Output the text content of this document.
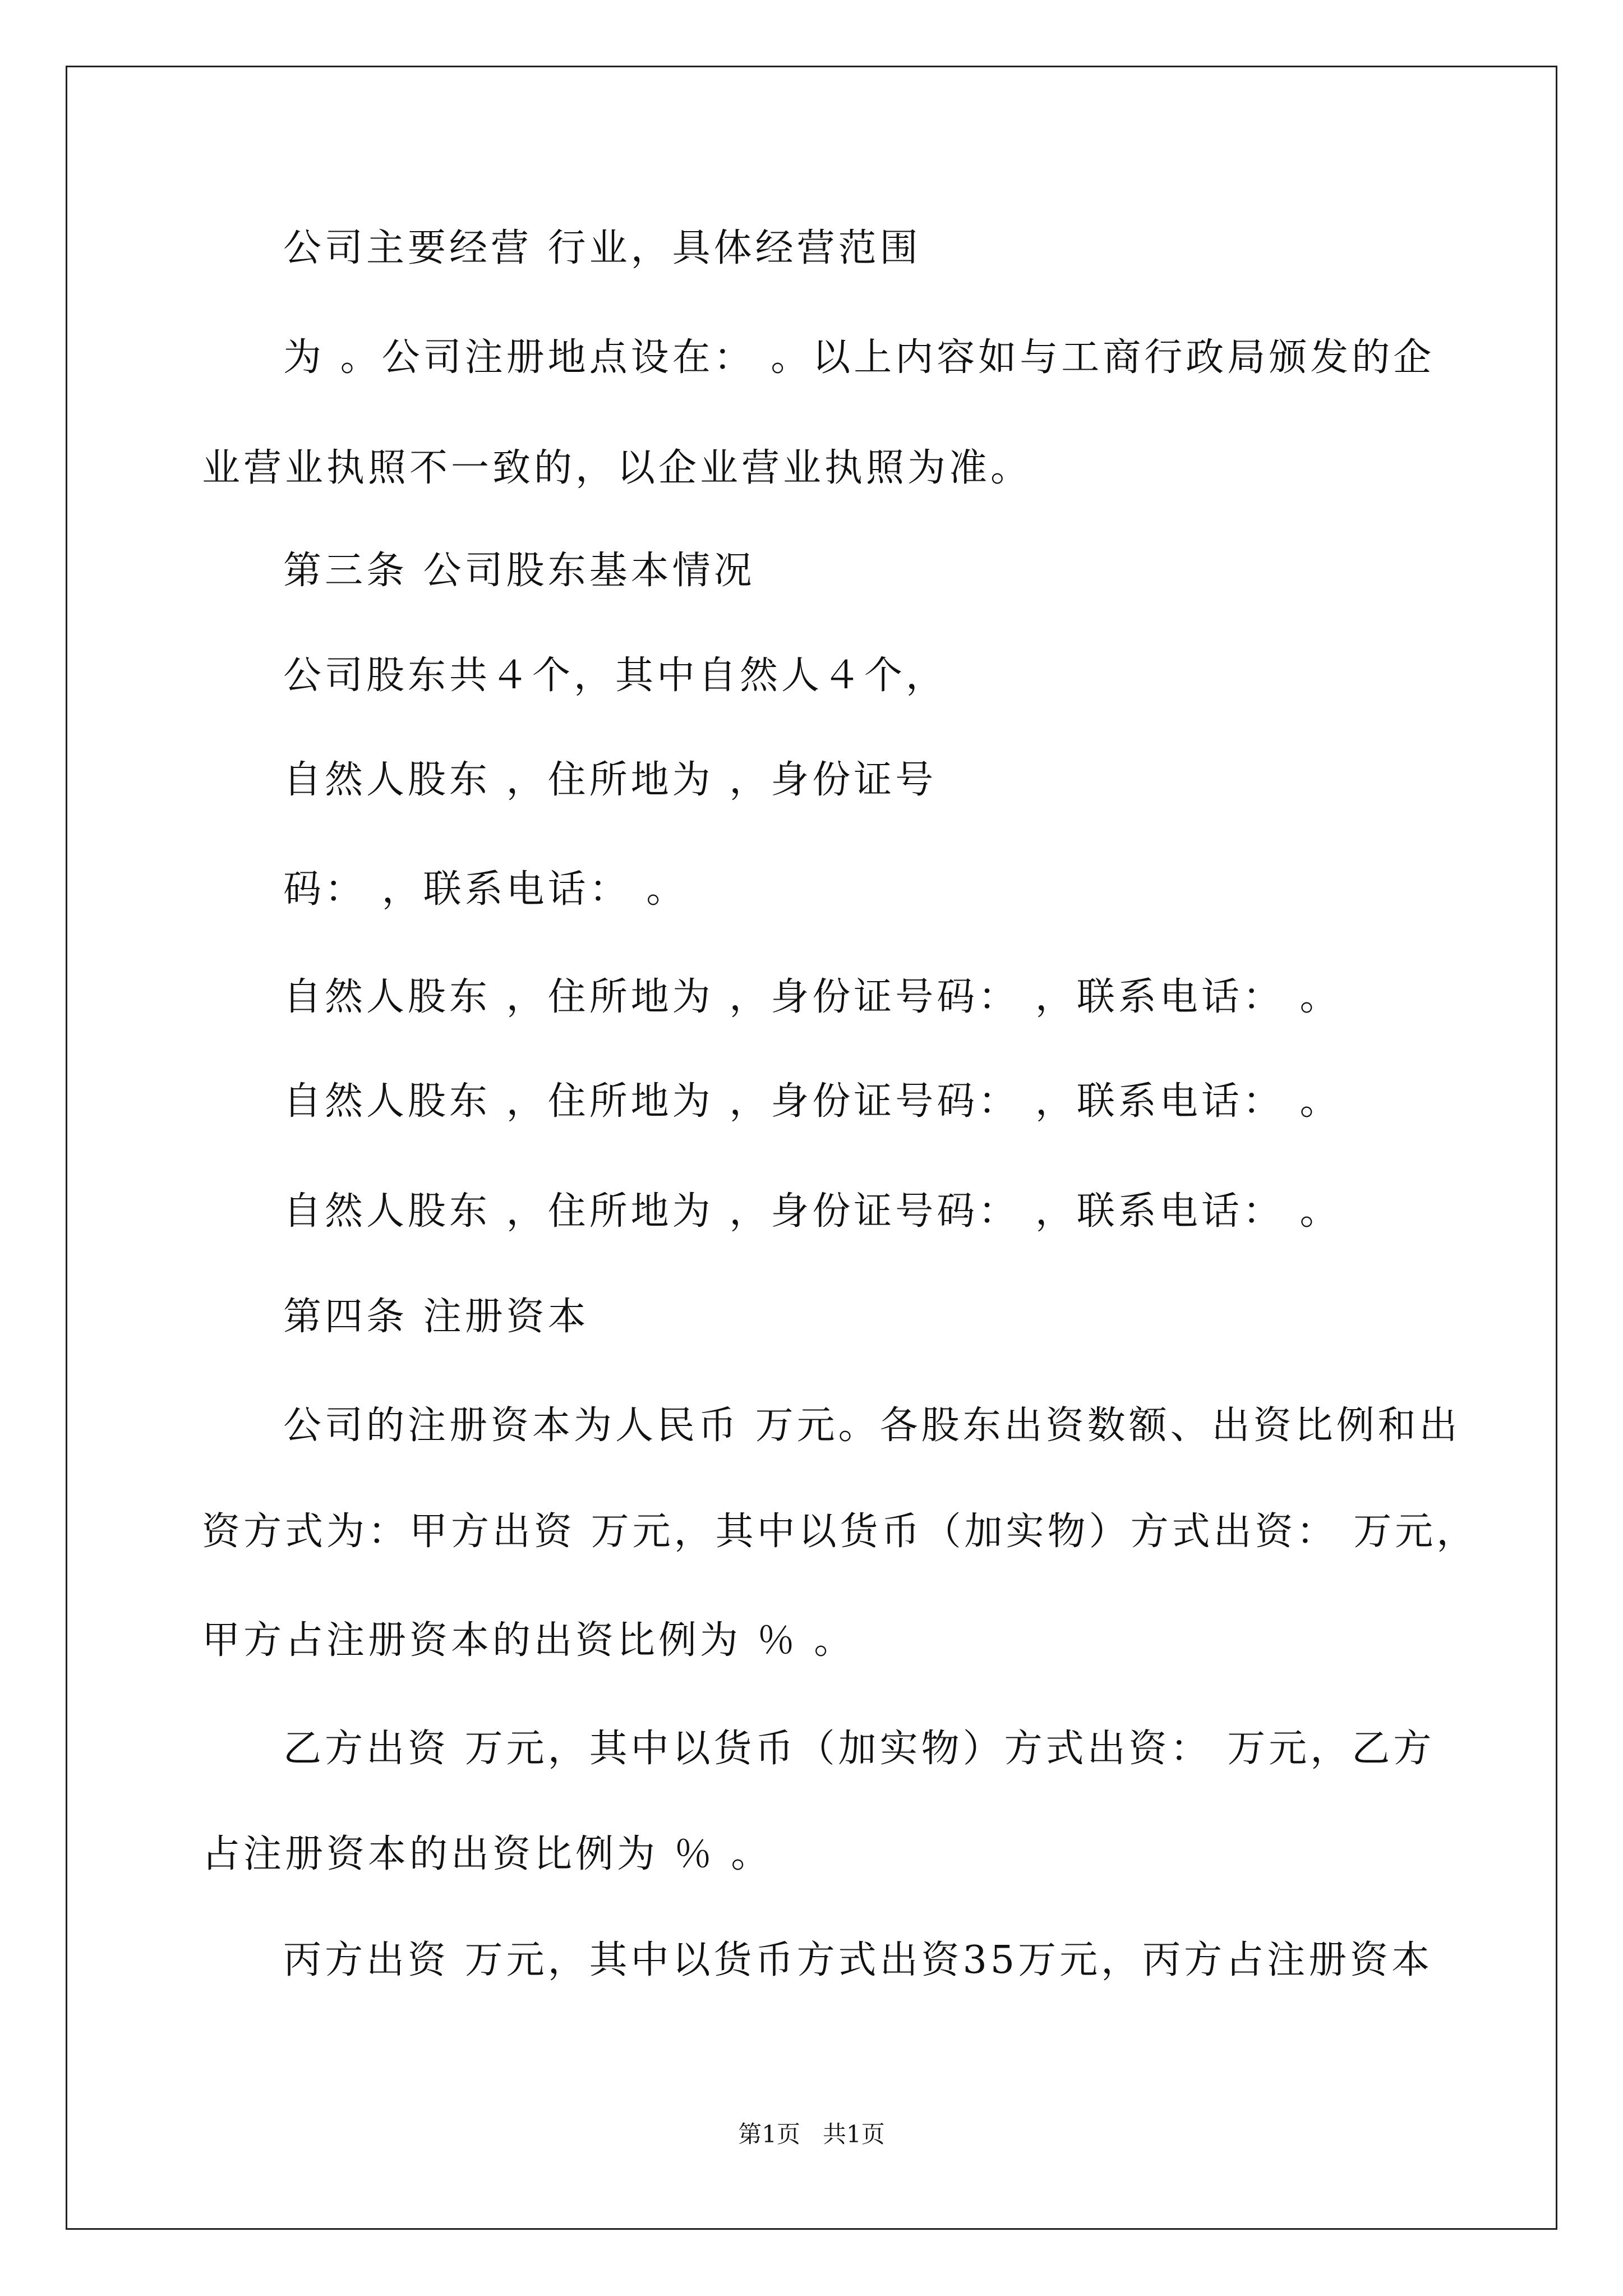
公司主要经营 行业，具体经营范围

为 。公司注册地点设在： 。以上内容如与工商行政局颁发的企

业营业执照不一致的，以企业营业执照为准。

第三条 公司股东基本情况

公司股东共４个，其中自然人４个，

自然人股东 ，住所地为 ，身份证号

码： ，联系电话： 。

自然人股东 ，住所地为 ，身份证号码： ，联系电话： 。

自然人股东 ，住所地为 ，身份证号码： ，联系电话： 。

自然人股东 ，住所地为 ，身份证号码： ，联系电话： 。

第四条 注册资本

公司的注册资本为人民币 万元。各股东出资数额、出资比例和出

资方式为：甲方出资 万元，其中以货币（加实物）方式出资： 万元，

甲方占注册资本的出资比例为 ％ 。

乙方出资 万元，其中以货币（加实物）方式出资： 万元，乙方

占注册资本的出资比例为 ％ 。

丙方出资 万元，其中以货币方式出资35万元，丙方占注册资本

第1页   共1页
